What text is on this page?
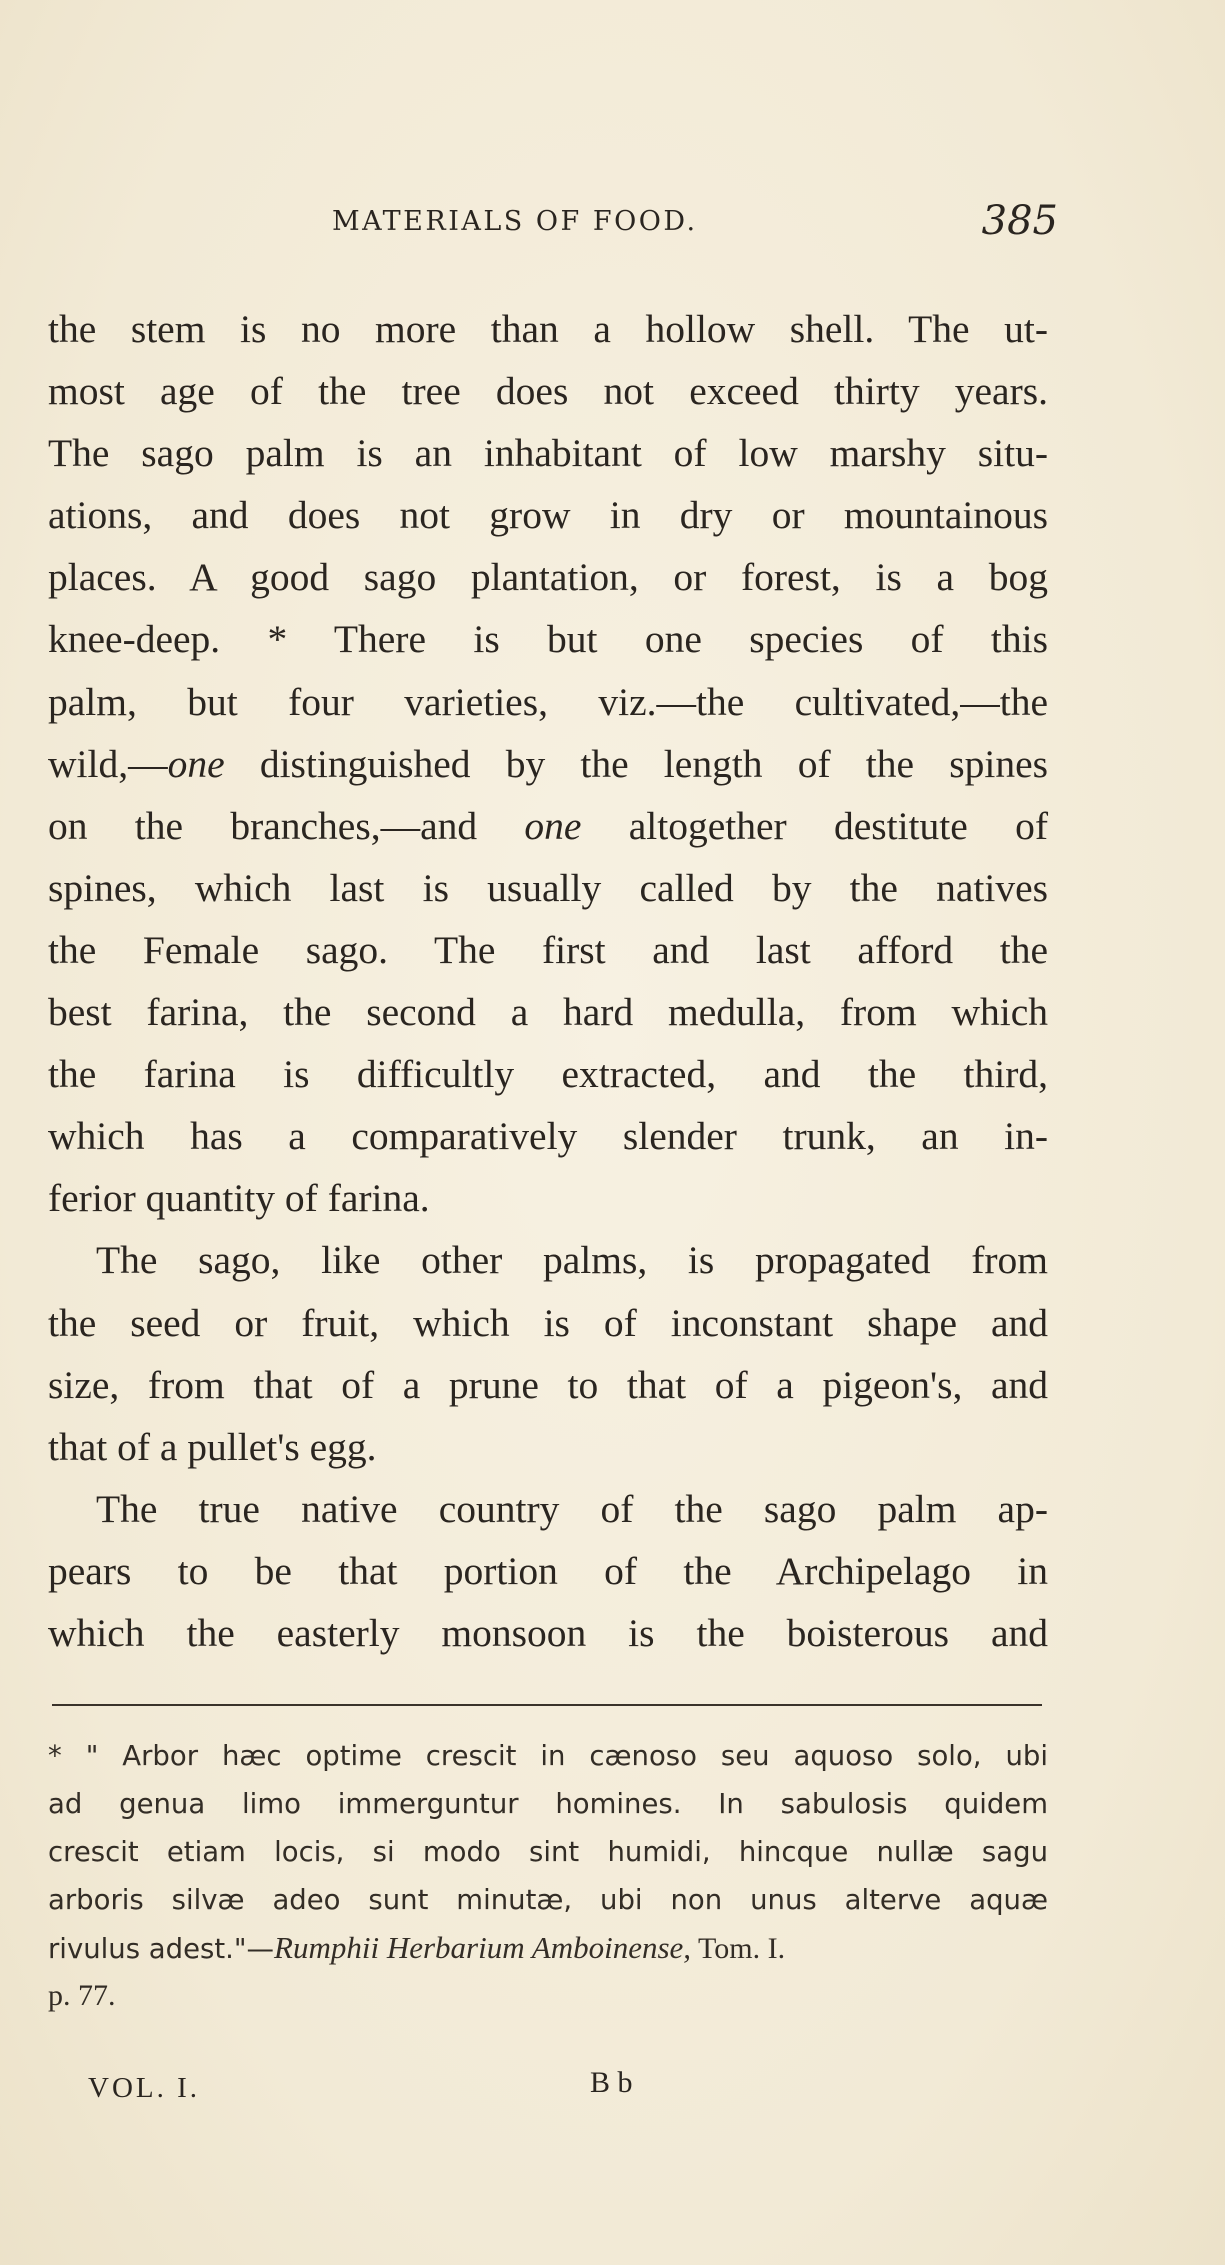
MATERIALS OF FOOD.	385
the stem is no more than a hollow shell. The ut-
most age of the tree does not exceed thirty years.
The sago palm is an inhabitant of low marshy situ-
ations, and does not grow in dry or mountainous
places. A good sago plantation, or forest, is a bog
knee-deep. * There is but one species of this
palm, but four varieties, viz.—the cultivated,—the
wild,—one distinguished by the length of the spines
on the branches,—and one altogether destitute of
spines, which last is usually called by the natives
the Female sago. The first and last afford the
best farina, the second a hard medulla, from which
the farina is difficultly extracted, and the third,
which has a comparatively slender trunk, an in-
ferior quantity of farina.
The sago, like other palms, is propagated from
the seed or fruit, which is of inconstant shape and
size, from that of a prune to that of a pigeon's, and
that of a pullet's egg.
The true native country of the sago palm ap-
pears to be that portion of the Archipelago in
which the easterly monsoon is the boisterous and
* " Arbor hæc optime crescit in cænoso seu aquoso solo, ubi
ad genua limo immerguntur homines. In sabulosis quidem
crescit etiam locis, si modo sint humidi, hincque nullæ sagu
arboris silvæ adeo sunt minutæ, ubi non unus alterve aquæ
rivulus adest."—Rumphii Herbarium Amboinense, Tom. I.
p. 77.
VOL. I.	B b
